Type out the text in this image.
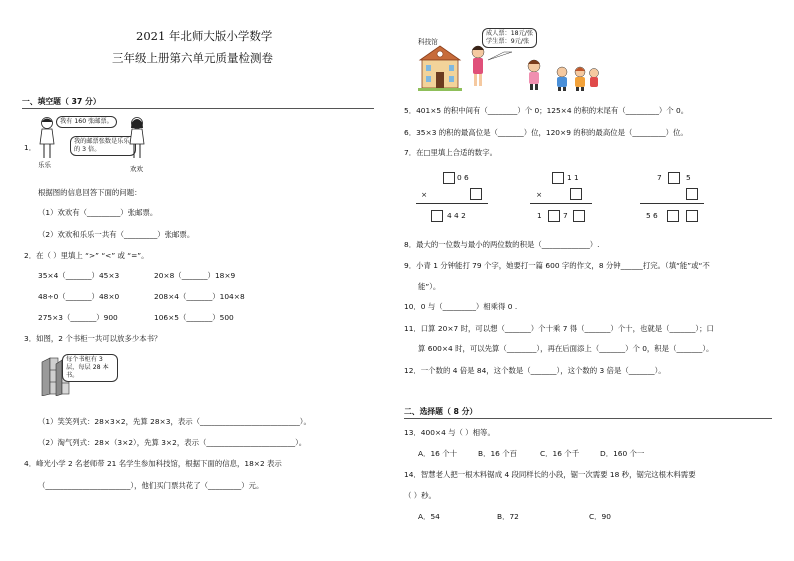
2021 年北师大版小学数学
三年级上册第六单元质量检测卷
科技馆
成人票：18元/张
学生票：9元/张
一、填空题（ 37 分）
1．
乐乐
我有 160 张邮票。
我的邮票张数是乐乐的 3 倍。
欢欢
根据图的信息回答下面的问题：
（1）欢欢有（_________）张邮票。
（2）欢欢和乐乐一共有（_________）张邮票。
2．在（ ）里填上 “>” “<” 或 “=”。
35×4（_______）45×3	20×8（_______）18×9
48÷0（_______）48×0	208×4（_______）104×8
275×3（_______）900	106×5（_______）500
3．如图，2 个书柜一共可以放多少本书？
每个书柜有 3 层，每层 28 本书。
（1）笑笑列式：28×3×2，先算 28×3，表示（___________________________）。
（2）淘气列式：28×（3×2），先算 3×2，表示（________________________）。
4．峰光小学 2 名老师带 21 名学生参加科技馆，根据下面的信息，18×2 表示
（_______________________），他们买门票共花了（_________）元。
5．401×5 的积中间有（________）个 0；125×4 的积的末尾有（_________）个 0。
6．35×3 的积的最高位是（_______）位，120×9 的积的最高位是（_________）位。
7．在□里填上合适的数字。
0 6
×
4 4 2
1 1
×
1	7
7	5
5 6
8．最大的一位数与最小的两位数的积是（_____________）.
9．小青 1 分钟能打 79 个字，她要打一篇 600 字的作文，8 分钟______打完。（填“能”或“不
能”）。
10．0 与（_________）相乘得 0 .
11．口算 20×7 时，可以想（_______）个十乘 7 得（_______）个十，也就是（_______）；口
算 600×4 时，可以先算（________），再在后面添上（_______）个 0，积是（_______）。
12．一个数的 4 倍是 84，这个数是（_______），这个数的 3 倍是（_______）。
二、选择题（ 8 分）
13．400×4 与（ ）相等。
A．16 个十	B．16 个百	C．16 个千	D．160 个一
14．智慧老人把一根木料锯成 4 段同样长的小段，锯一次需要 18 秒，锯完这根木料需要
（ ）秒。
A．54	B．72	C．90
